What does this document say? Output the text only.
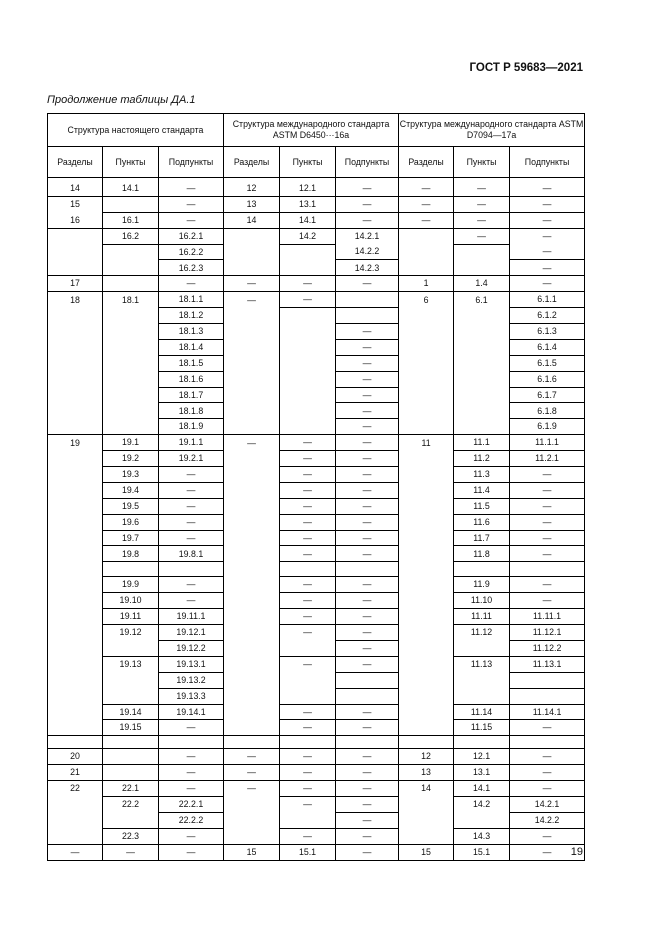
ГОСТ Р 59683—2021
Продолжение таблицы ДА.1
Структура настоящего стандарта			Структура международного стандарта ASTM D6450···16а			Структура международного стандарта ASTM D7094—17а		
Разделы	Пункты	Подпункты	Разделы	Пункты	Подпункты	Разделы	Пункты	Подпункты

14	14.1	—	12	12.1	—	—	—	—
15		—	13	13.1	—	—	—	—
16	16.1	—	14	14.1	—	—	—	—
	16.2	16.2.1		14.2	14.2.1		—	—
		16.2.2			14.2.2			—
		16.2.3			14.2.3			—
17		—	—	—	—	1	1.4	—
18	18.1	18.1.1	—	—		6	6.1	6.1.1
		18.1.2						6.1.2
		18.1.3			—			6.1.3
		18.1.4			—			6.1.4
		18.1.5			—			6.1.5
		18.1.6			—			6.1.6
		18.1.7			—			6.1.7
		18.1.8			—			6.1.8
		18.1.9			—			6.1.9
19	19.1	19.1.1	—	—	—	11	11.1	11.1.1
	19.2	19.2.1		—	—		11.2	11.2.1
	19.3	—		—	—		11.3	—
	19.4	—		—	—		11.4	—
	19.5	—		—	—		11.5	—
	19.6	—		—	—		11.6	—
	19.7	—		—	—		11.7	—
	19.8	19.8.1		—	—		11.8	—

	19.9	—		—	—		11.9	—
	19.10	—		—	—		11.10	—
	19.11	19.11.1		—	—		11.11	11.11.1
	19.12	19.12.1		—	—		11.12	11.12.1
		19.12.2			—			11.12.2
	19.13	19.13.1		—	—		11.13	11.13.1
		19.13.2						
		19.13.3						
	19.14	19.14.1		—	—		11.14	11.14.1
	19.15	—		—	—		11.15	—

20		—	—	—	—	12	12.1	—
21		—	—	—	—	13	13.1	—
22	22.1	—	—	—	—	14	14.1	—
	22.2	22.2.1		—	—		14.2	14.2.1
		22.2.2			—			14.2.2
	22.3	—		—	—		14.3	—
—	—	—	15	15.1	—	15	15.1	— 19
